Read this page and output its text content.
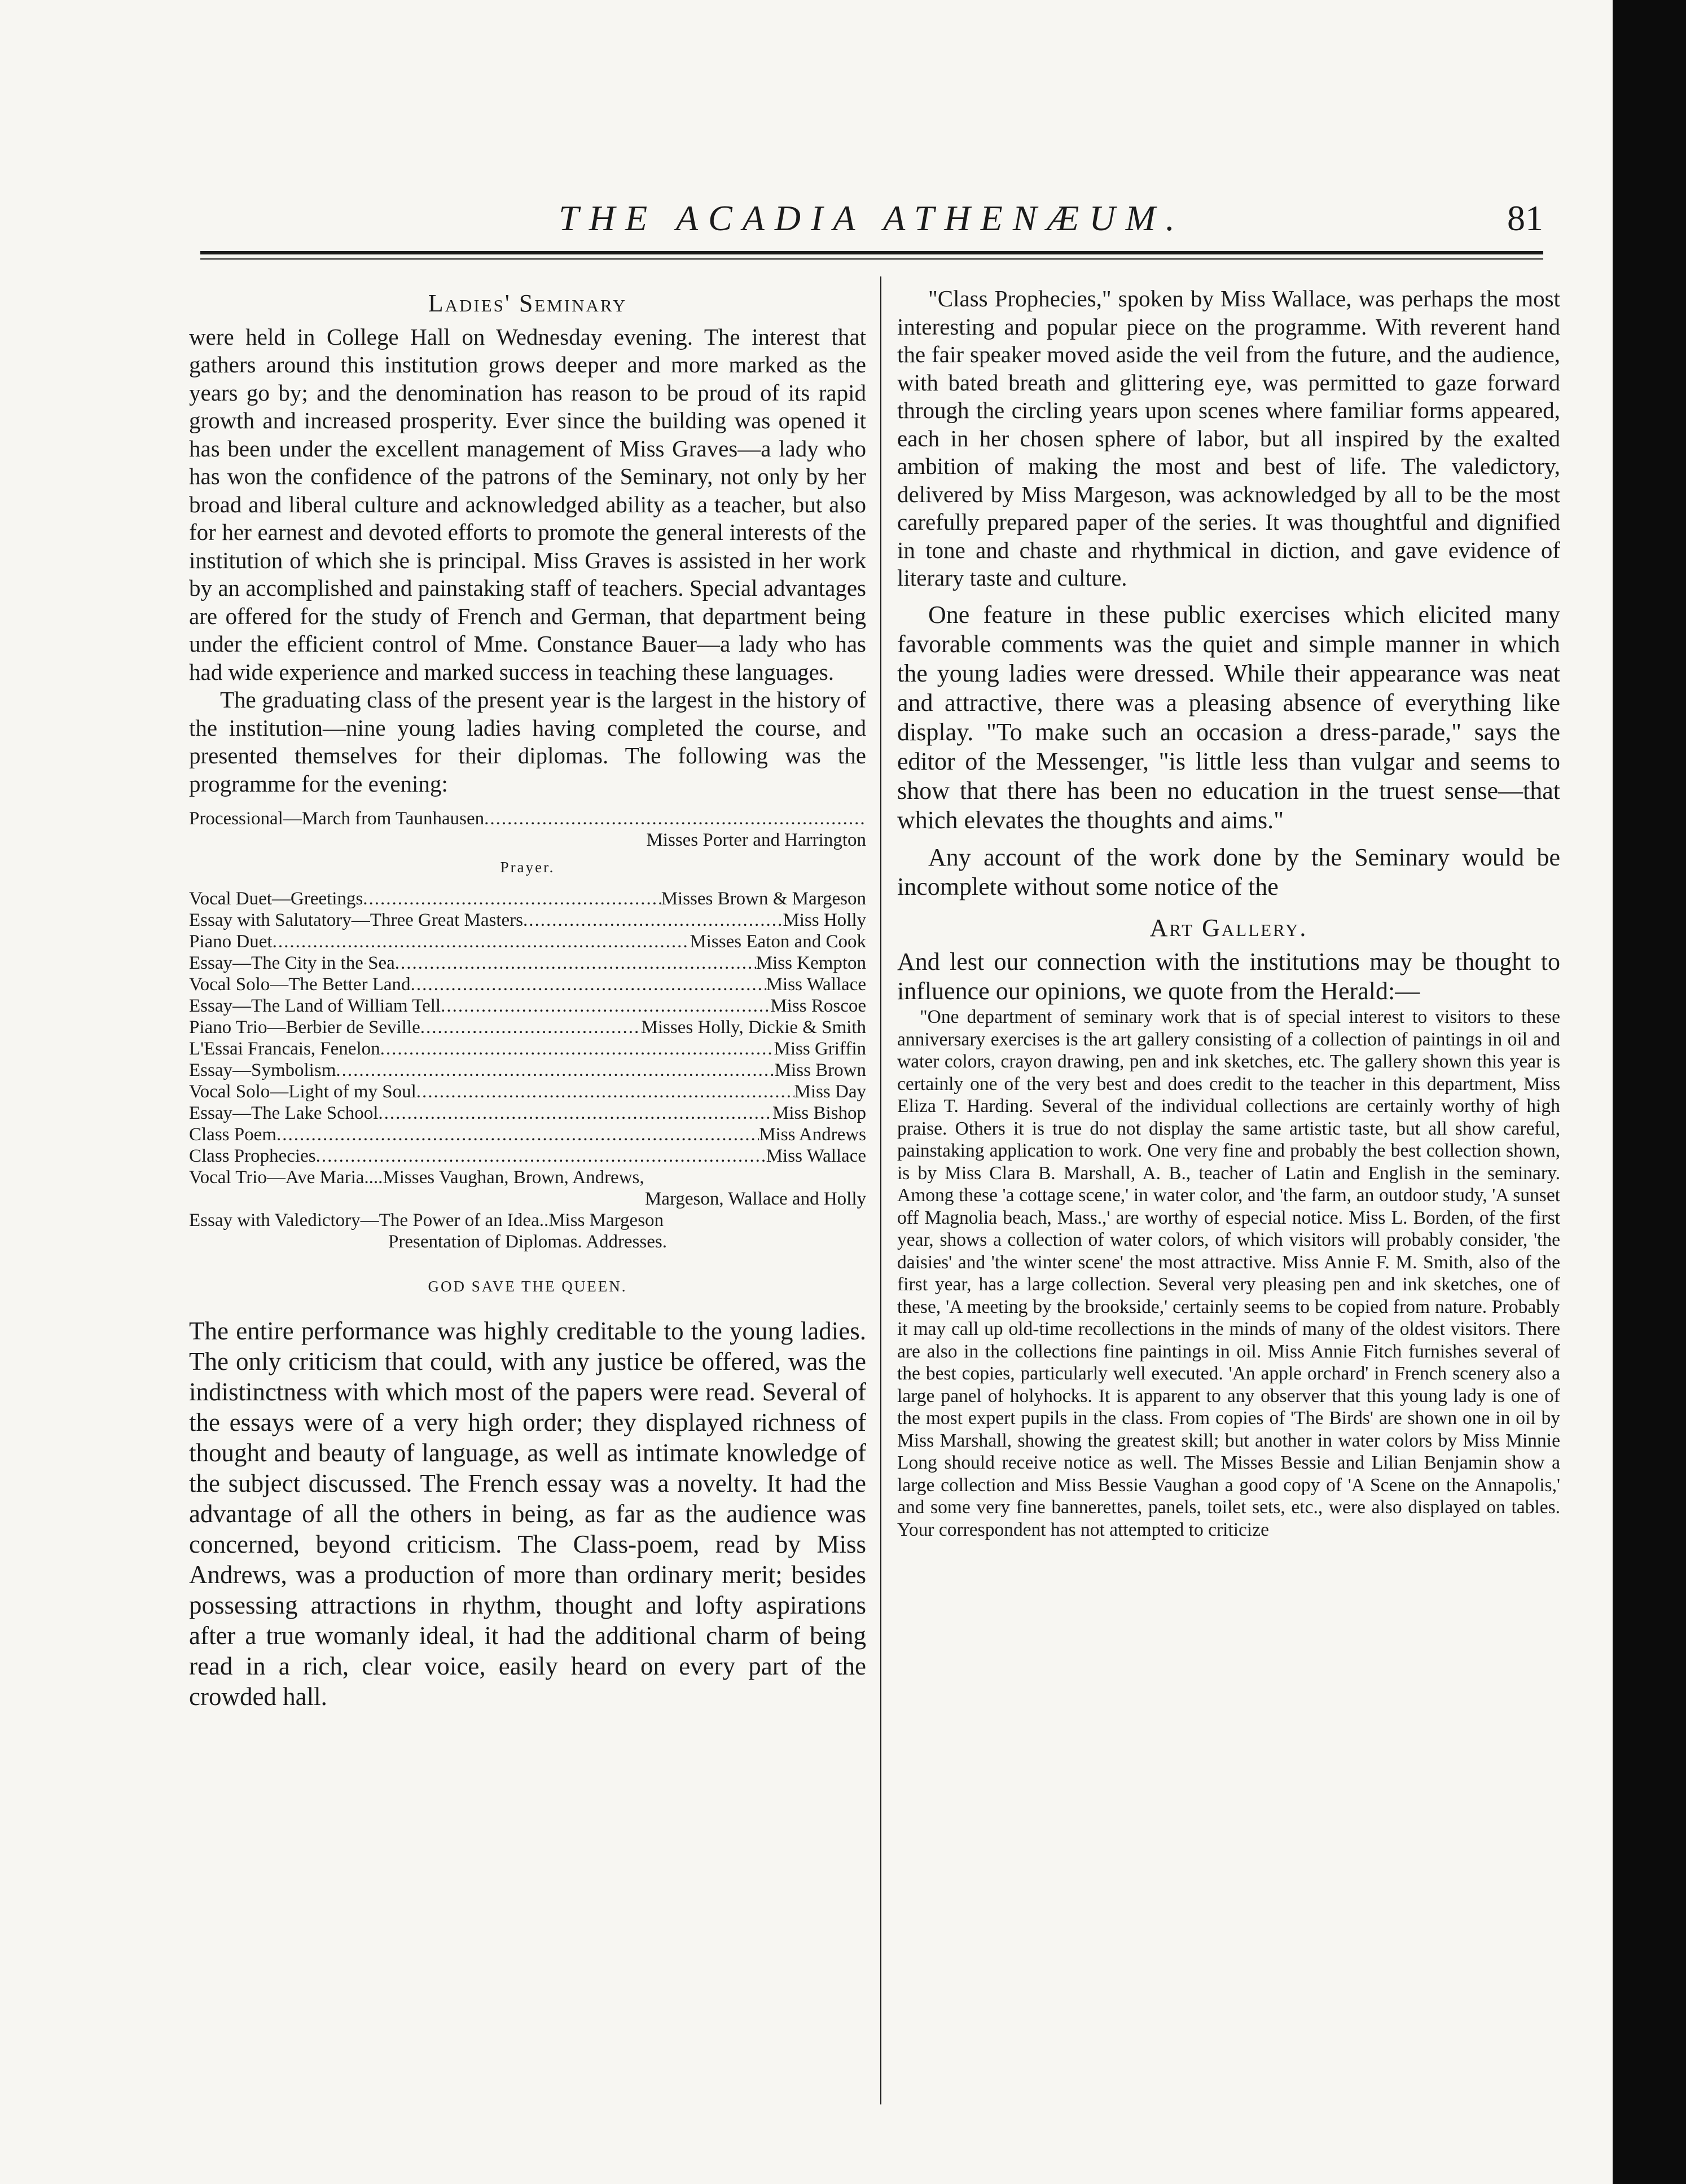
THE ACADIA ATHENÆUM.	81
Ladies' Seminary

were held in College Hall on Wednesday evening. The interest that gathers around this institution grows deeper and more marked as the years go by; and the denomination has reason to be proud of its rapid growth and increased prosperity. Ever since the building was opened it has been under the excellent management of Miss Graves—a lady who has won the confidence of the patrons of the Seminary, not only by her broad and liberal culture and acknowledged ability as a teacher, but also for her earnest and devoted efforts to promote the general interests of the institution of which she is principal. Miss Graves is assisted in her work by an accomplished and painstaking staff of teachers. Special advantages are offered for the study of French and German, that department being under the efficient control of Mme. Constance Bauer—a lady who has had wide experience and marked success in teaching these languages.

The graduating class of the present year is the largest in the history of the institution—nine young ladies having completed the course, and presented themselves for their diplomas. The following was the programme for the evening:

Processional—March from Taunhausen
.....
Misses Porter and Harrington
Prayer.
Vocal Duet—Greetings .....	Misses Brown & Margeson
Essay with Salutatory—Three Great Masters .....	Miss Holly
Piano Duet .....	Misses Eaton and Cook
Essay—The City in the Sea .....	Miss Kempton
Vocal Solo—The Better Land .....	Miss Wallace
Essay—The Land of William Tell .....	Miss Roscoe
Piano Trio—Berbier de Seville .....	Misses Holly, Dickie & Smith
L'Essai Francais, Fenelon .....	Miss Griffin
Essay—Symbolism .....	Miss Brown
Vocal Solo—Light of my Soul .....	Miss Day
Essay—The Lake School .....	Miss Bishop
Class Poem .....	Miss Andrews
Class Prophecies .....	Miss Wallace
Vocal Trio—Ave Maria....Misses Vaughan, Brown, Andrews,
Margeson, Wallace and Holly
Essay with Valedictory—The Power of an Idea..Miss Margeson
Presentation of Diplomas. Addresses.
GOD SAVE THE QUEEN.

The entire performance was highly creditable to the young ladies. The only criticism that could, with any justice be offered, was the indistinctness with which most of the papers were read. Several of the essays were of a very high order; they displayed richness of thought and beauty of language, as well as intimate knowledge of the subject discussed. The French essay was a novelty. It had the advantage of all the others in being, as far as the audience was concerned, beyond criticism. The Class-poem, read by Miss Andrews, was a production of more than ordinary merit; besides possessing attractions in rhythm, thought and lofty aspirations after a true womanly ideal, it had the additional charm of being read in a rich, clear voice, easily heard on every part of the crowded hall.

"Class Prophecies," spoken by Miss Wallace, was perhaps the most interesting and popular piece on the programme. With reverent hand the fair speaker moved aside the veil from the future, and the audience, with bated breath and glittering eye, was permitted to gaze forward through the circling years upon scenes where familiar forms appeared, each in her chosen sphere of labor, but all inspired by the exalted ambition of making the most and best of life. The valedictory, delivered by Miss Margeson, was acknowledged by all to be the most carefully prepared paper of the series. It was thoughtful and dignified in tone and chaste and rhythmical in diction, and gave evidence of literary taste and culture.

One feature in these public exercises which elicited many favorable comments was the quiet and simple manner in which the young ladies were dressed. While their appearance was neat and attractive, there was a pleasing absence of everything like display. "To make such an occasion a dress-parade," says the editor of the Messenger, "is little less than vulgar and seems to show that there has been no education in the truest sense—that which elevates the thoughts and aims."

Any account of the work done by the Seminary would be incomplete without some notice of the

Art Gallery.

And lest our connection with the institutions may be thought to influence our opinions, we quote from the Herald:—

"One department of seminary work that is of special interest to visitors to these anniversary exercises is the art gallery consisting of a collection of paintings in oil and water colors, crayon drawing, pen and ink sketches, etc. The gallery shown this year is certainly one of the very best and does credit to the teacher in this department, Miss Eliza T. Harding. Several of the individual collections are certainly worthy of high praise. Others it is true do not display the same artistic taste, but all show careful, painstaking application to work. One very fine and probably the best collection shown, is by Miss Clara B. Marshall, A. B., teacher of Latin and English in the seminary. Among these 'a cottage scene,' in water color, and 'the farm, an outdoor study, 'A sunset off Magnolia beach, Mass.,' are worthy of especial notice. Miss L. Borden, of the first year, shows a collection of water colors, of which visitors will probably consider, 'the daisies' and 'the winter scene' the most attractive. Miss Annie F. M. Smith, also of the first year, has a large collection. Several very pleasing pen and ink sketches, one of these, 'A meeting by the brookside,' certainly seems to be copied from nature. Probably it may call up old-time recollections in the minds of many of the oldest visitors. There are also in the collections fine paintings in oil. Miss Annie Fitch furnishes several of the best copies, particularly well executed. 'An apple orchard' in French scenery also a large panel of holyhocks. It is apparent to any observer that this young lady is one of the most expert pupils in the class. From copies of 'The Birds' are shown one in oil by Miss Marshall, showing the greatest skill; but another in water colors by Miss Minnie Long should receive notice as well. The Misses Bessie and Lilian Benjamin show a large collection and Miss Bessie Vaughan a good copy of 'A Scene on the Annapolis,' and some very fine bannerettes, panels, toilet sets, etc., were also displayed on tables. Your correspondent has not attempted to criticize
